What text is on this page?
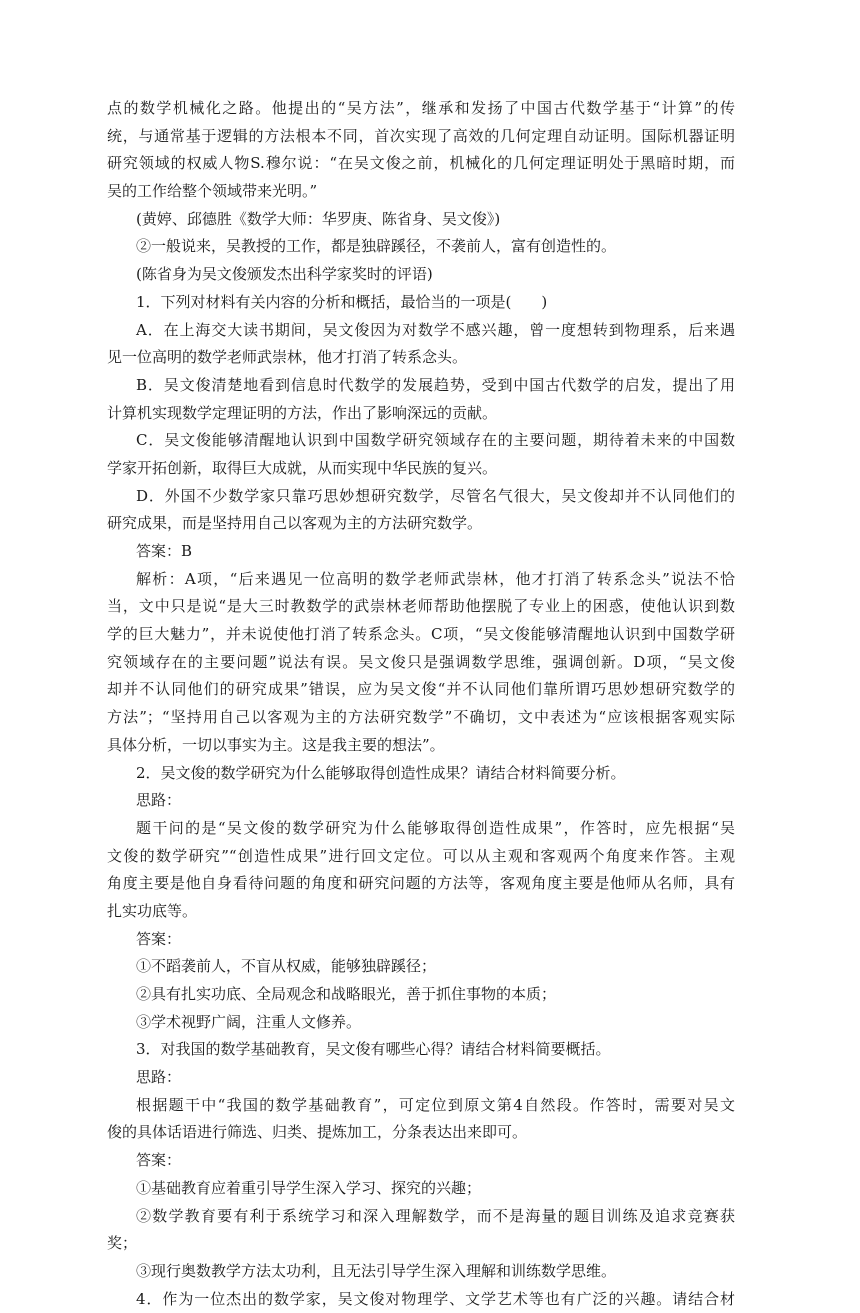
点的数学机械化之路。他提出的“吴方法”，继承和发扬了中国古代数学基于“计算”的传
统，与通常基于逻辑的方法根本不同，首次实现了高效的几何定理自动证明。国际机器证明
研究领域的权威人物S.穆尔说：“在吴文俊之前，机械化的几何定理证明处于黑暗时期，而
吴的工作给整个领域带来光明。”
(黄婷、邱德胜《数学大师：华罗庚、陈省身、吴文俊》)
②一般说来，吴教授的工作，都是独辟蹊径，不袭前人，富有创造性的。
(陈省身为吴文俊颁发杰出科学家奖时的评语)
1．下列对材料有关内容的分析和概括，最恰当的一项是(　　)
A．在上海交大读书期间，吴文俊因为对数学不感兴趣，曾一度想转到物理系，后来遇
见一位高明的数学老师武崇林，他才打消了转系念头。
B．吴文俊清楚地看到信息时代数学的发展趋势，受到中国古代数学的启发，提出了用
计算机实现数学定理证明的方法，作出了影响深远的贡献。
C．吴文俊能够清醒地认识到中国数学研究领域存在的主要问题，期待着未来的中国数
学家开拓创新，取得巨大成就，从而实现中华民族的复兴。
D．外国不少数学家只靠巧思妙想研究数学，尽管名气很大，吴文俊却并不认同他们的
研究成果，而是坚持用自己以客观为主的方法研究数学。
答案：B
解析：A项，“后来遇见一位高明的数学老师武崇林，他才打消了转系念头”说法不恰
当，文中只是说“是大三时教数学的武崇林老师帮助他摆脱了专业上的困惑，使他认识到数
学的巨大魅力”，并未说使他打消了转系念头。C项，“吴文俊能够清醒地认识到中国数学研
究领域存在的主要问题”说法有误。吴文俊只是强调数学思维，强调创新。D项，“吴文俊
却并不认同他们的研究成果”错误，应为吴文俊“并不认同他们靠所谓巧思妙想研究数学的
方法”；“坚持用自己以客观为主的方法研究数学”不确切，文中表述为“应该根据客观实际
具体分析，一切以事实为主。这是我主要的想法”。
2．吴文俊的数学研究为什么能够取得创造性成果？请结合材料简要分析。
思路：
题干问的是“吴文俊的数学研究为什么能够取得创造性成果”，作答时，应先根据“吴
文俊的数学研究”“创造性成果”进行回文定位。可以从主观和客观两个角度来作答。主观
角度主要是他自身看待问题的角度和研究问题的方法等，客观角度主要是他师从名师，具有
扎实功底等。
答案：
①不蹈袭前人，不盲从权威，能够独辟蹊径；
②具有扎实功底、全局观念和战略眼光，善于抓住事物的本质；
③学术视野广阔，注重人文修养。
3．对我国的数学基础教育，吴文俊有哪些心得？请结合材料简要概括。
思路：
根据题干中“我国的数学基础教育”，可定位到原文第4自然段。作答时，需要对吴文
俊的具体话语进行筛选、归类、提炼加工，分条表达出来即可。
答案：
①基础教育应着重引导学生深入学习、探究的兴趣；
②数学教育要有利于系统学习和深入理解数学，而不是海量的题目训练及追求竞赛获
奖；
③现行奥数教学方法太功利，且无法引导学生深入理解和训练数学思维。
4．作为一位杰出的数学家，吴文俊对物理学、文学艺术等也有广泛的兴趣。请结合材
